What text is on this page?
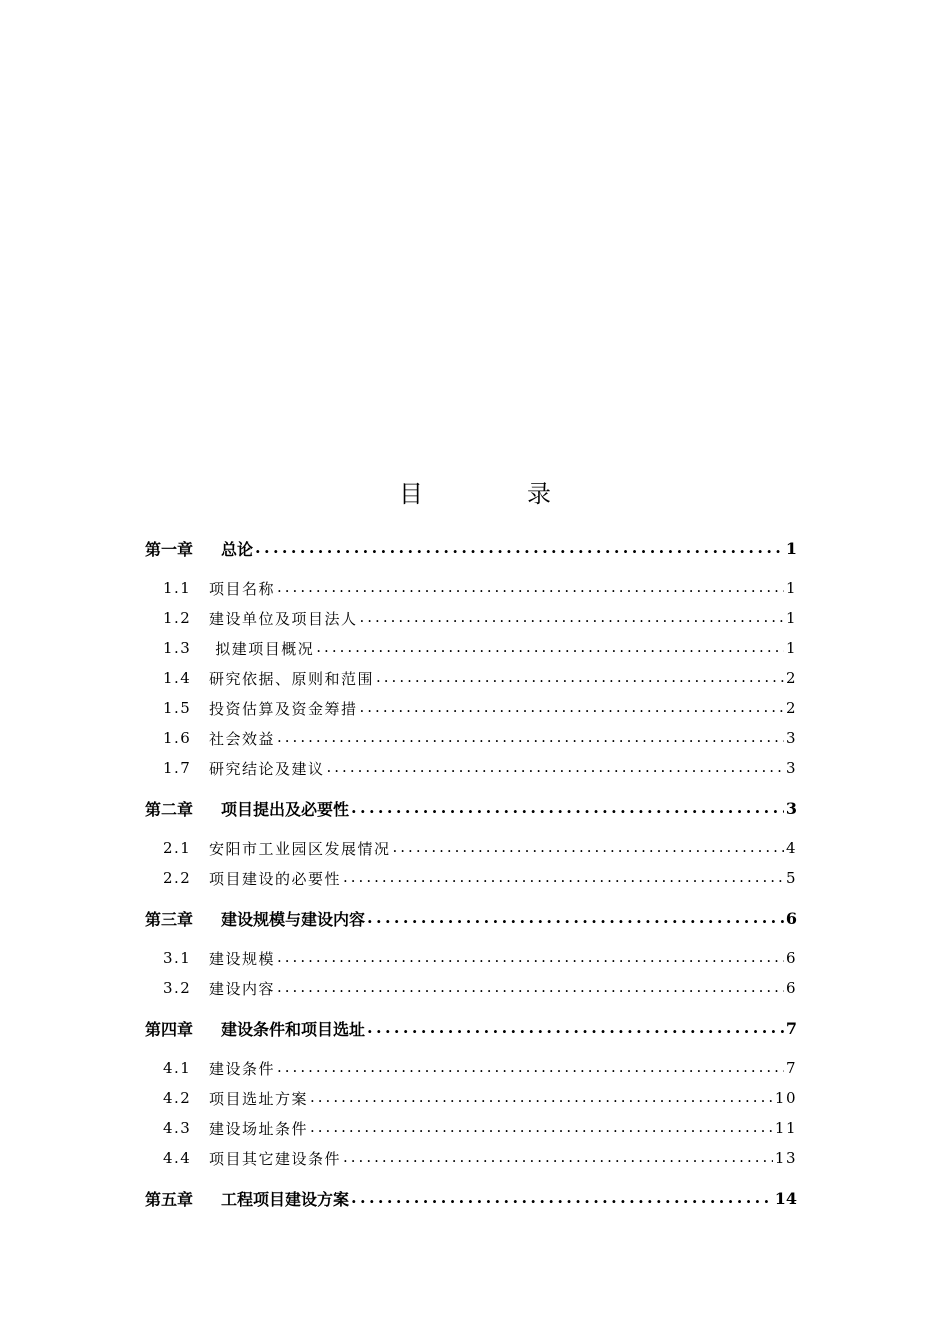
目　录
第一章	总论 .....	1
1.1	项目名称 .....	1
1.2	建设单位及项目法人 .....	1
1.3	拟建项目概况 .....	1
1.4	研究依据、原则和范围 .....	2
1.5	投资估算及资金筹措 .....	2
1.6	社会效益 .....	3
1.7	研究结论及建议 .....	3
第二章	项目提出及必要性 .....	3
2.1	安阳市工业园区发展情况 .....	4
2.2	项目建设的必要性 .....	5
第三章	建设规模与建设内容 .....	6
3.1	建设规模 .....	6
3.2	建设内容 .....	6
第四章	建设条件和项目选址 .....	7
4.1	建设条件 .....	7
4.2	项目选址方案 .....	10
4.3	建设场址条件 .....	11
4.4	项目其它建设条件 .....	13
第五章	工程项目建设方案 .....	14
